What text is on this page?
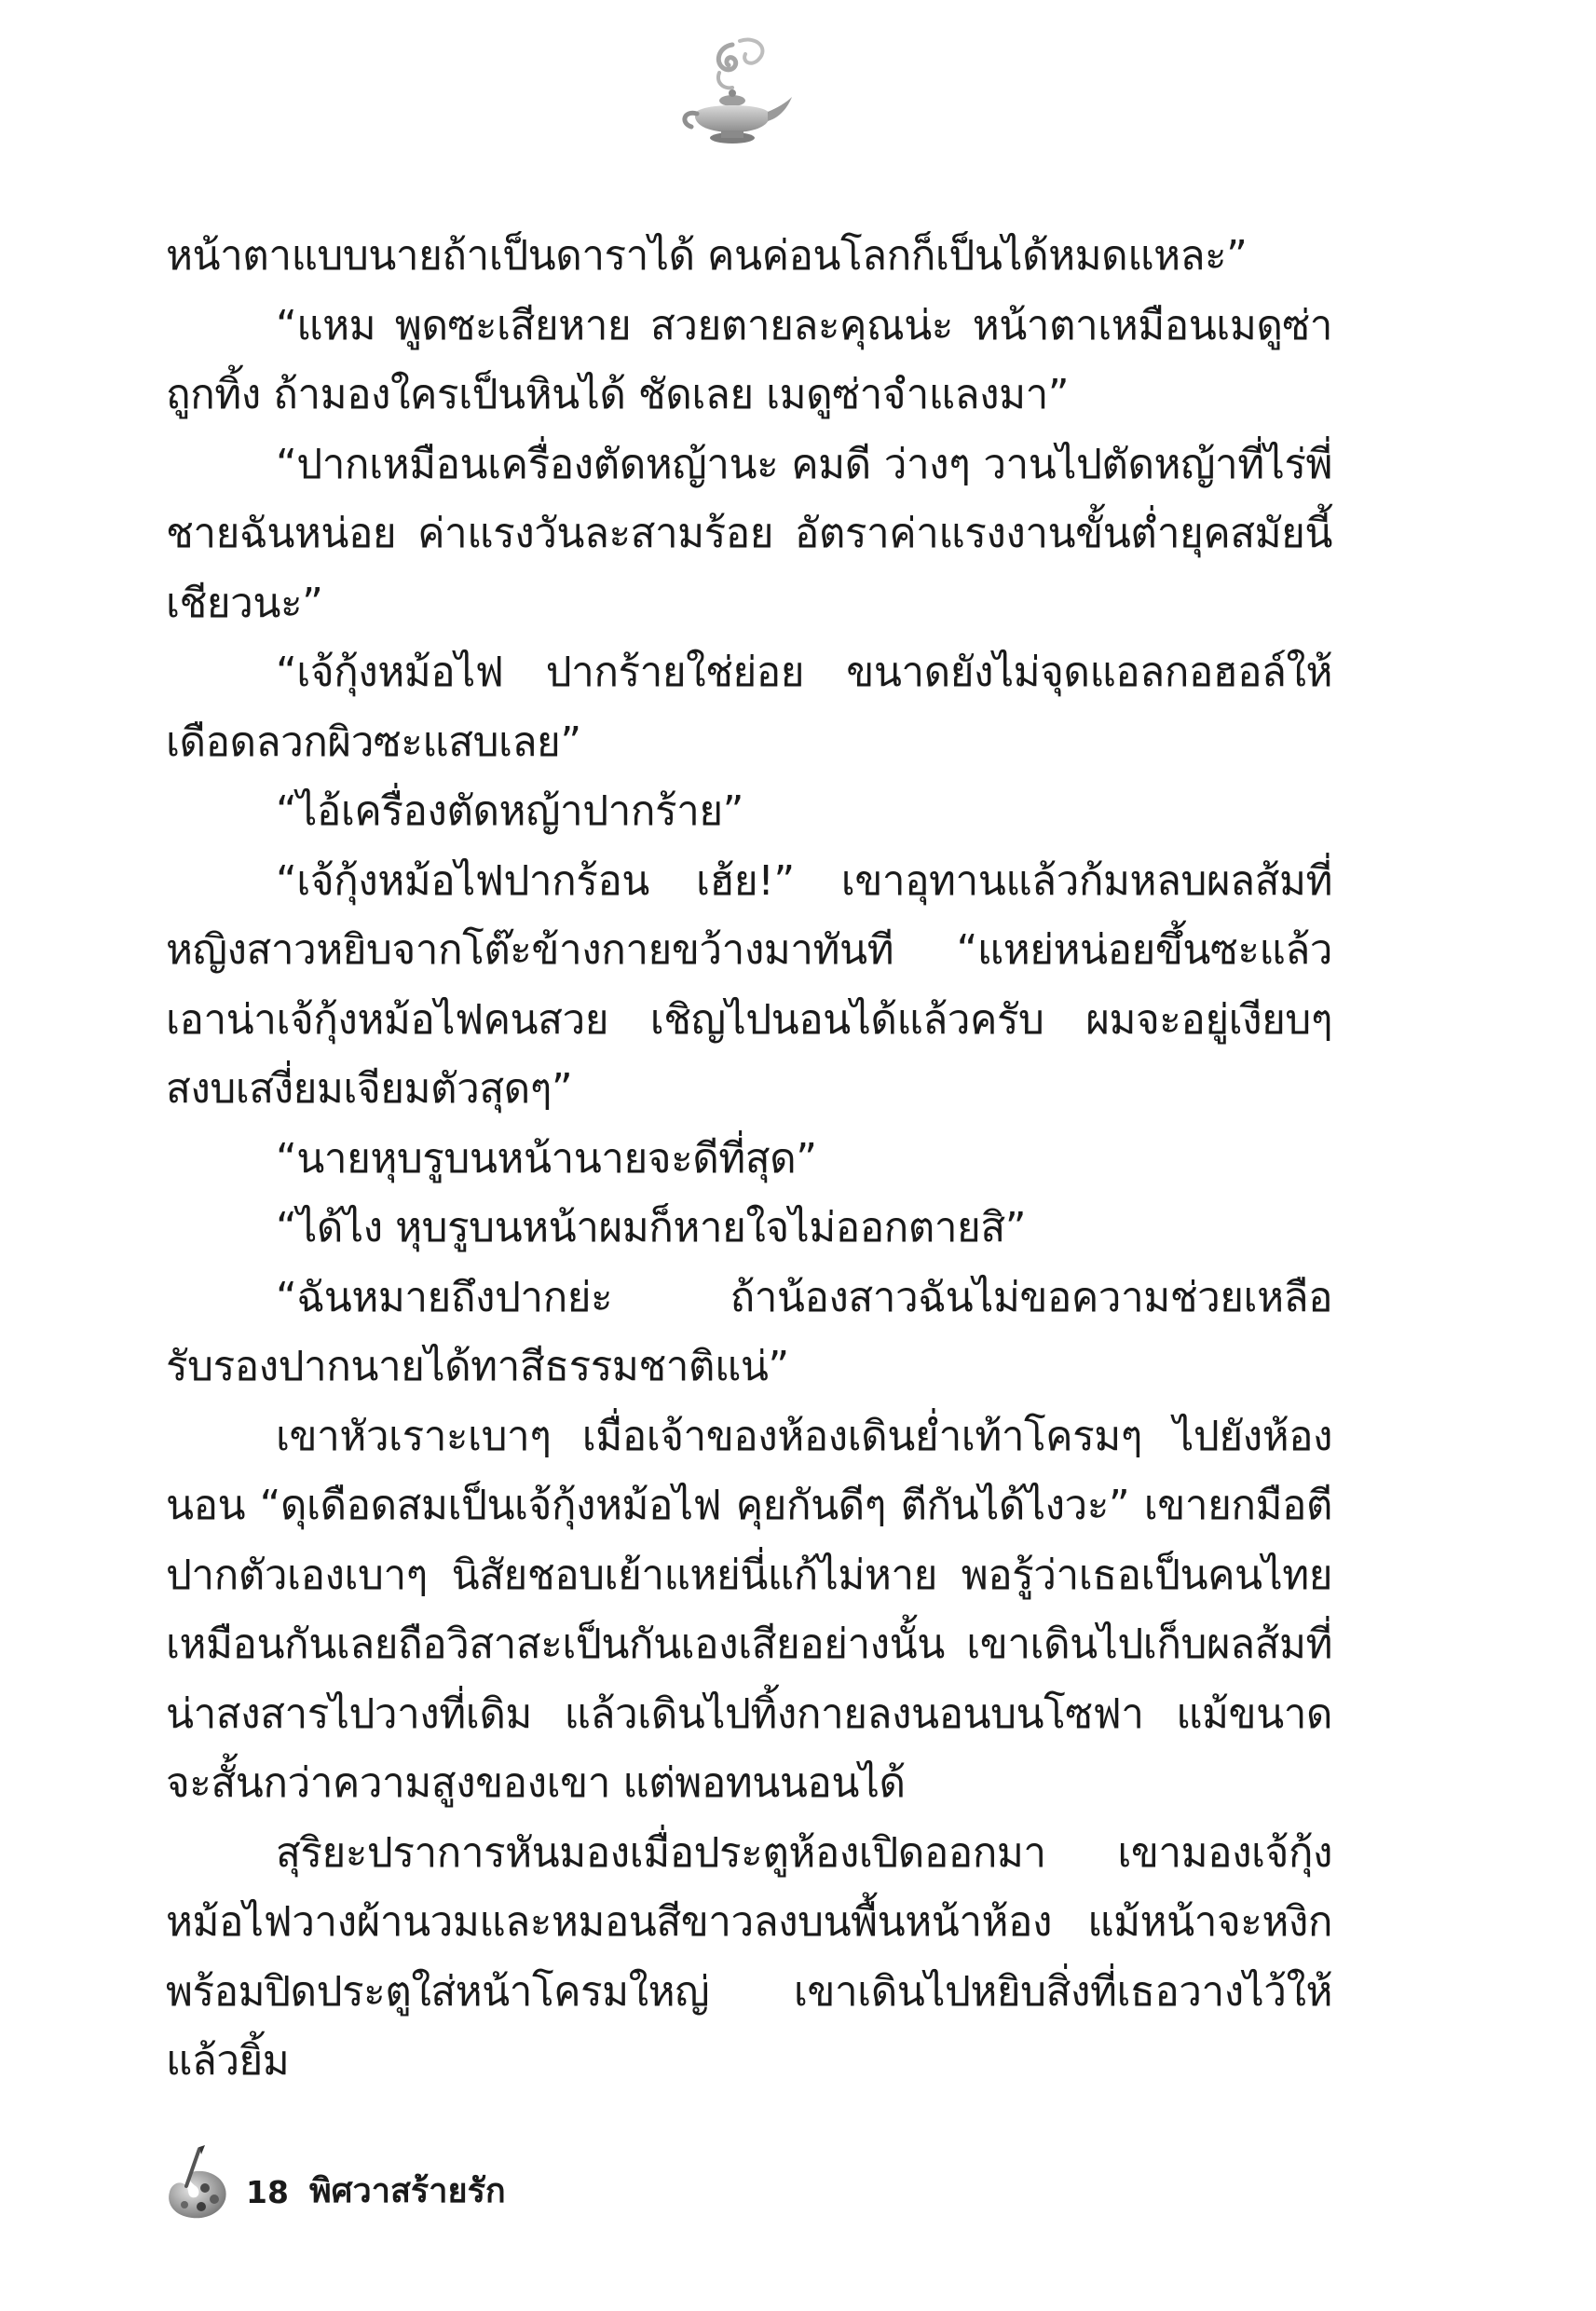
หน้าตาแบบนายถ้าเป็นดาราได้ คนค่อนโลกก็เป็นได้หมดแหละ”

“แหม พูดซะเสียหาย สวยตายละคุณน่ะ หน้าตาเหมือนเมดูซ่าถูกทิ้ง ถ้ามองใครเป็นหินได้ ชัดเลย เมดูซ่าจำแลงมา”

“ปากเหมือนเครื่องตัดหญ้านะ คมดี ว่างๆ วานไปตัดหญ้าที่ไร่พี่ชายฉันหน่อย ค่าแรงวันละสามร้อย อัตราค่าแรงงานขั้นต่ำยุคสมัยนี้เชียวนะ”

“เจ้กุ้งหม้อไฟ ปากร้ายใช่ย่อย ขนาดยังไม่จุดแอลกอฮอล์ให้เดือดลวกผิวซะแสบเลย”

“ไอ้เครื่องตัดหญ้าปากร้าย”

“เจ้กุ้งหม้อไฟปากร้อน เฮ้ย!” เขาอุทานแล้วก้มหลบผลส้มที่หญิงสาวหยิบจากโต๊ะข้างกายขว้างมาทันที “แหย่หน่อยขึ้นซะแล้ว เอาน่าเจ้กุ้งหม้อไฟคนสวย เชิญไปนอนได้แล้วครับ ผมจะอยู่เงียบๆ สงบเสงี่ยมเจียมตัวสุดๆ”

“นายหุบรูบนหน้านายจะดีที่สุด”

“ได้ไง หุบรูบนหน้าผมก็หายใจไม่ออกตายสิ”

“ฉันหมายถึงปากย่ะ ถ้าน้องสาวฉันไม่ขอความช่วยเหลือ รับรองปากนายได้ทาสีธรรมชาติแน่”

เขาหัวเราะเบาๆ เมื่อเจ้าของห้องเดินย่ำเท้าโครมๆ ไปยังห้องนอน “ดุเดือดสมเป็นเจ้กุ้งหม้อไฟ คุยกันดีๆ ตีกันได้ไงวะ” เขายกมือตีปากตัวเองเบาๆ นิสัยชอบเย้าแหย่นี่แก้ไม่หาย พอรู้ว่าเธอเป็นคนไทยเหมือนกันเลยถือวิสาสะเป็นกันเองเสียอย่างนั้น เขาเดินไปเก็บผลส้มที่น่าสงสารไปวางที่เดิม แล้วเดินไปทิ้งกายลงนอนบนโซฟา แม้ขนาดจะสั้นกว่าความสูงของเขา แต่พอทนนอนได้

สุริยะปราการหันมองเมื่อประตูห้องเปิดออกมา เขามองเจ้กุ้งหม้อไฟวางผ้านวมและหมอนสีขาวลงบนพื้นหน้าห้อง แม้หน้าจะหงิกพร้อมปิดประตูใส่หน้าโครมใหญ่ เขาเดินไปหยิบสิ่งที่เธอวางไว้ให้แล้วยิ้ม

18 พิศวาสร้ายรัก
